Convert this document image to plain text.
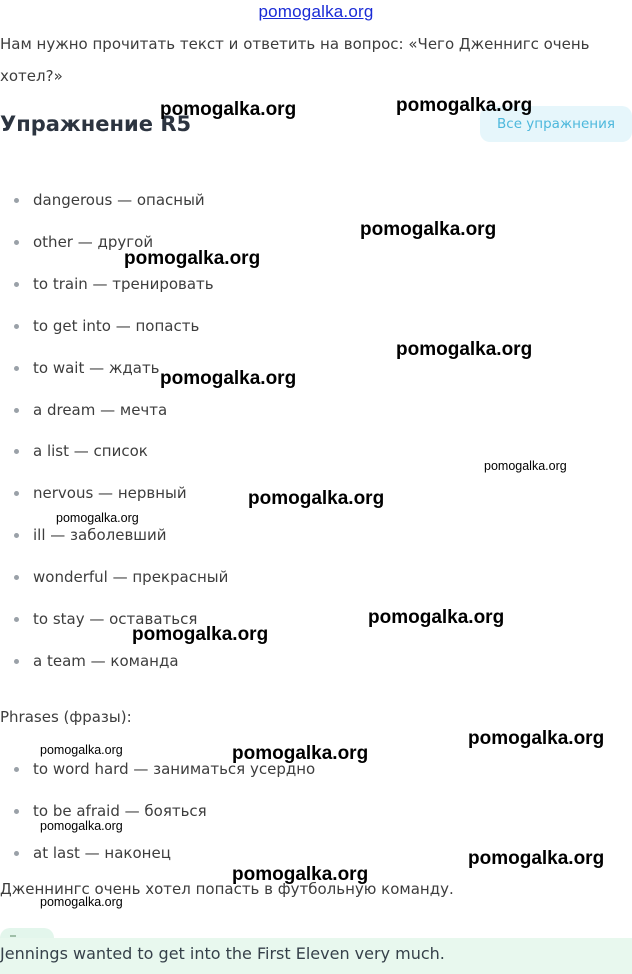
pomogalka.org
Нам нужно прочитать текст и ответить на вопрос: «Чего Дженнигс очень хотел?»
Упражнение R5	Все упражнения
dangerous — опасный
other — другой
to train — тренировать
to get into — попасть
to wait — ждать
a dream — мечта
a list — список
nervous — нервный
ill — заболевший
wonderful — прекрасный
to stay — оставаться
a team — команда
Phrases (фразы):
to word hard — заниматься усердно
to be afraid — бояться
at last — наконец
Дженнингс очень хотел попасть в футбольную команду.
Jennings wanted to get into the First Eleven very much.
pomogalka.org	pomogalka.org
pomogalka.org
pomogalka.org
pomogalka.org
pomogalka.org
pomogalka.org
pomogalka.org
pomogalka.org
pomogalka.org
pomogalka.org
pomogalka.org	pomogalka.org
pomogalka.org
pomogalka.org
pomogalka.org
pomogalka.org
pomogalka.org
